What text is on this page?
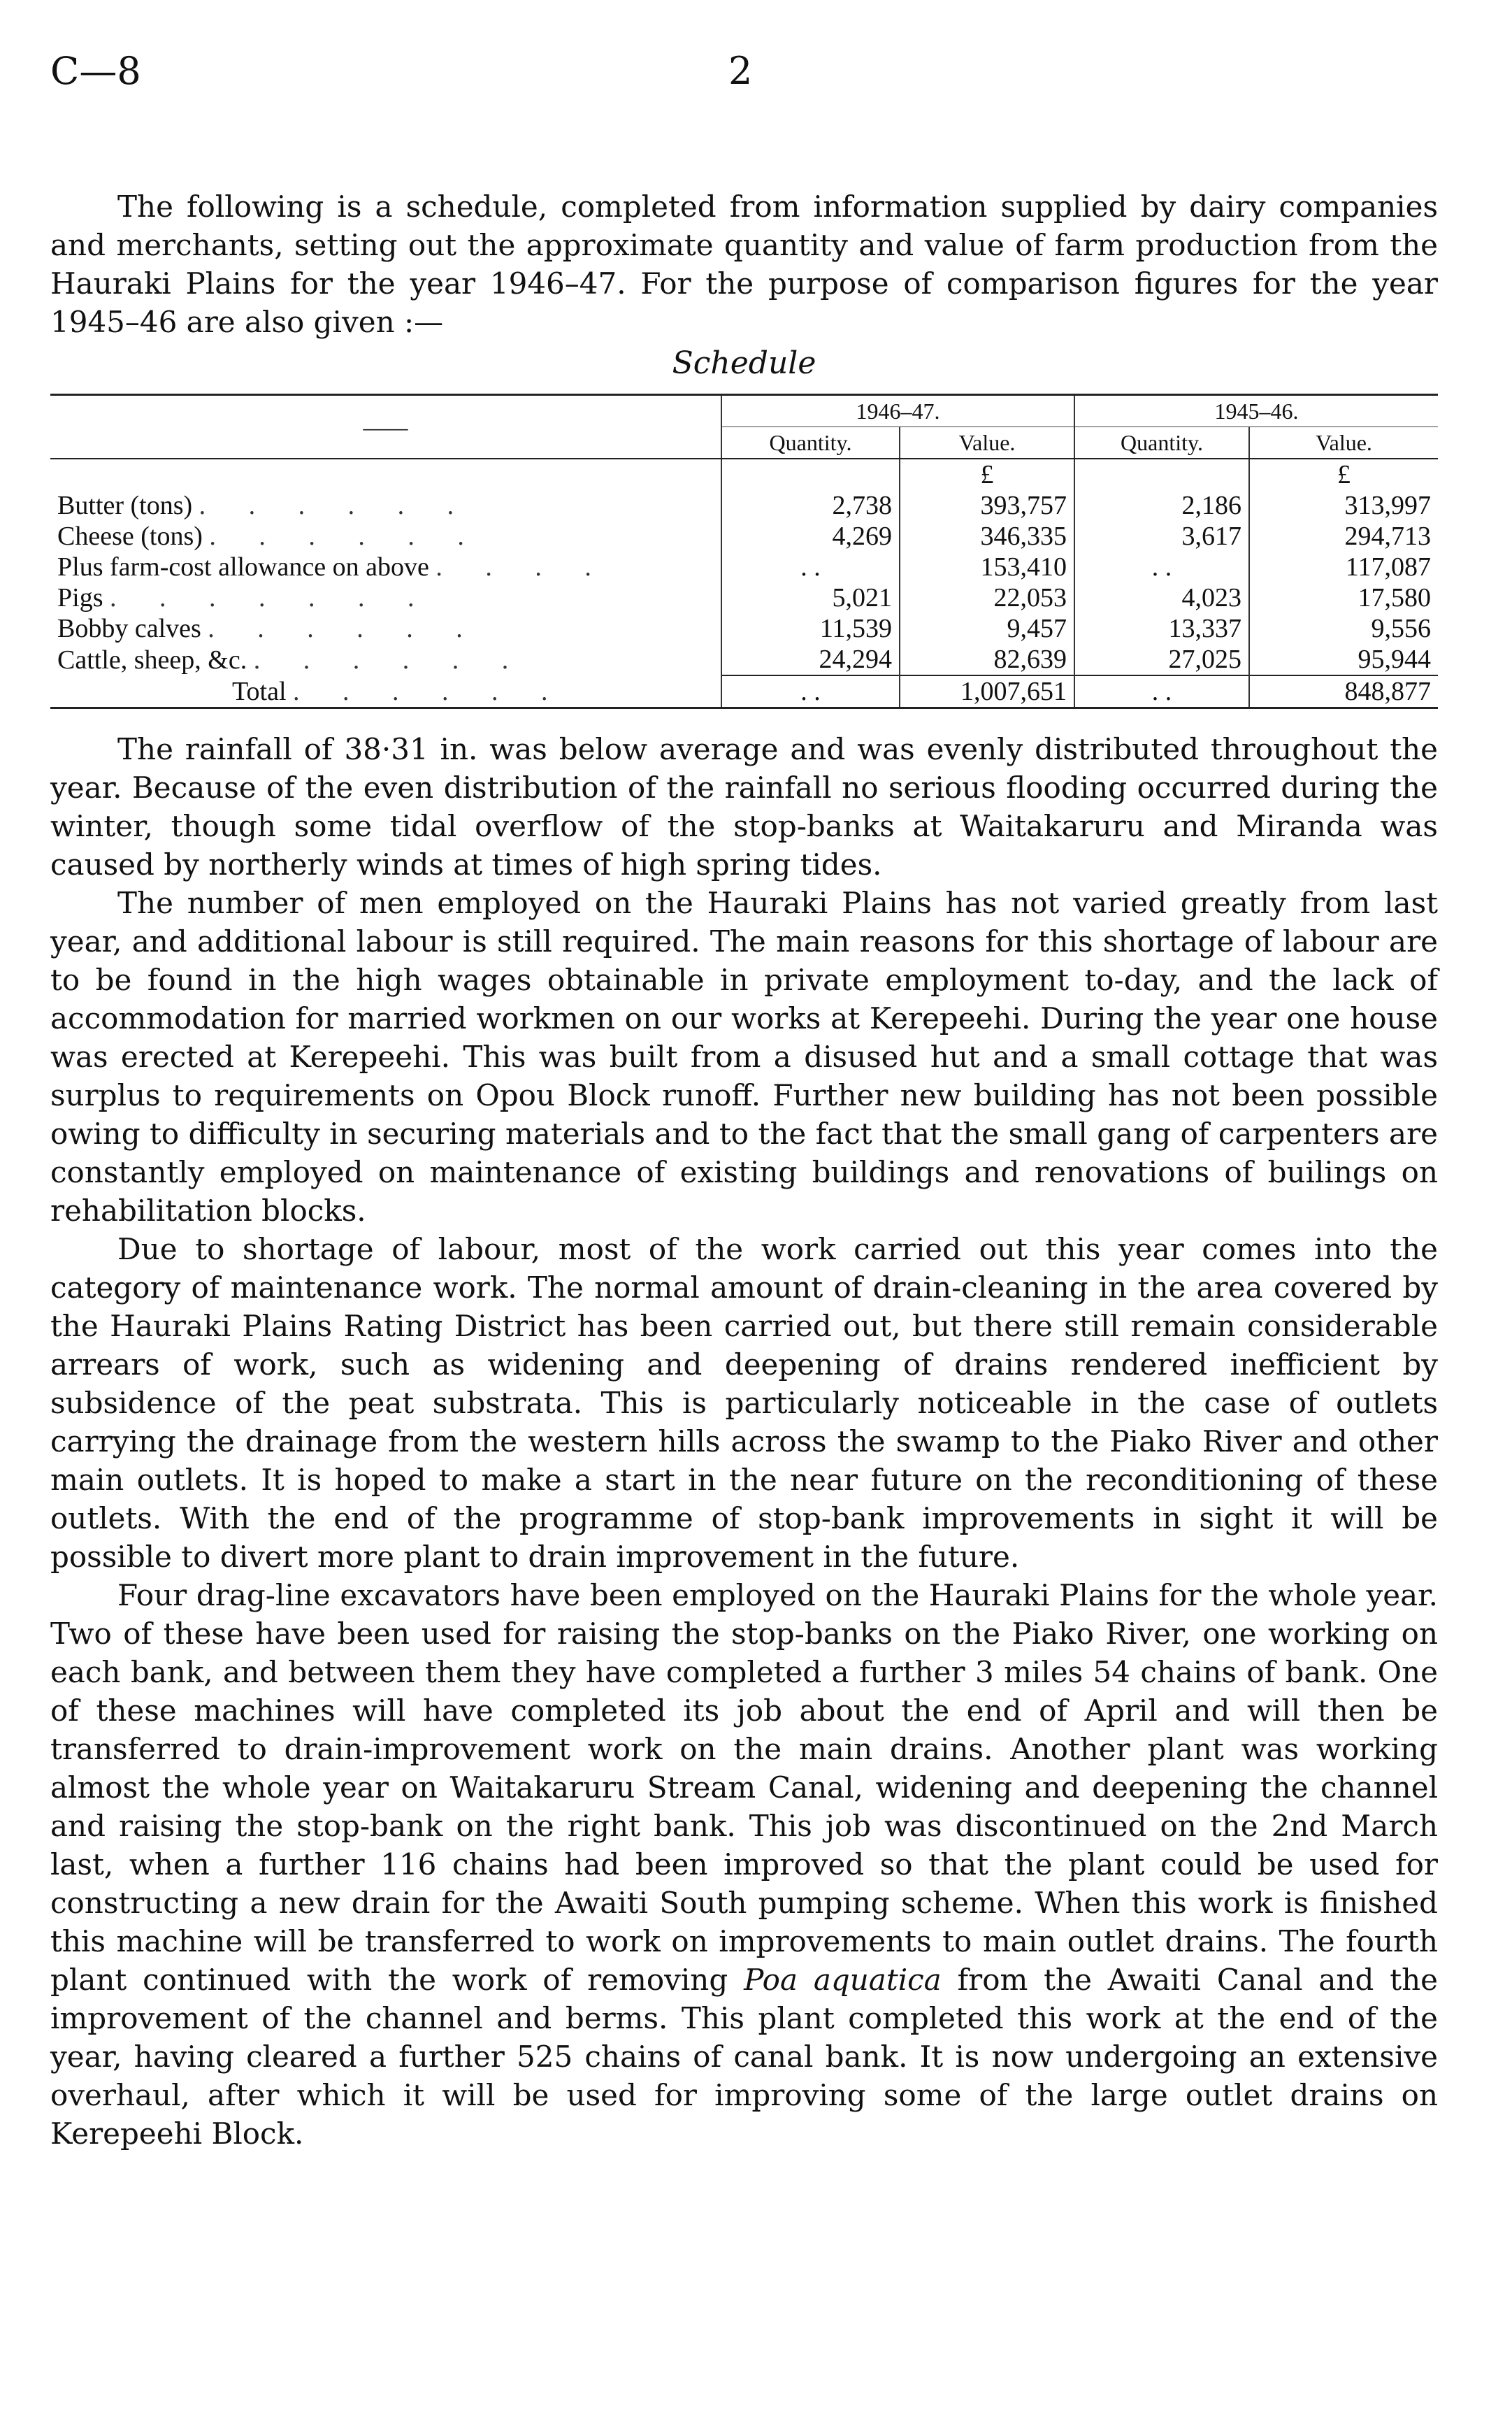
C—8	2

The following is a schedule, completed from information supplied by dairy companies and merchants, setting out the approximate quantity and value of farm production from the Hauraki Plains for the year 1946–47. For the purpose of comparison figures for the year 1945–46 are also given :—

Schedule
——	1946–47.		1945–46.	
	Quantity.	Value.	Quantity.	Value.
		£		£
Butter (tons) . . . . . .	2,738	393,757	2,186	313,997
Cheese (tons) . . . . . .	4,269	346,335	3,617	294,713
Plus farm-cost allowance on above . . . .	. .	153,410	. .	117,087
Pigs . . . . . . .	5,021	22,053	4,023	17,580
Bobby calves . . . . . .	11,539	9,457	13,337	9,556
Cattle, sheep, &c. . . . . . .	24,294	82,639	27,025	95,944
Total . . . . . .	. .	1,007,651	. .	848,877

The rainfall of 38·31 in. was below average and was evenly distributed throughout the year. Because of the even distribution of the rainfall no serious flooding occurred during the winter, though some tidal overflow of the stop-banks at Waitakaruru and Miranda was caused by northerly winds at times of high spring tides.

The number of men employed on the Hauraki Plains has not varied greatly from last year, and additional labour is still required. The main reasons for this shortage of labour are to be found in the high wages obtainable in private employment to-day, and the lack of accommodation for married workmen on our works at Kerepeehi. During the year one house was erected at Kerepeehi. This was built from a disused hut and a small cottage that was surplus to requirements on Opou Block runoff. Further new building has not been possible owing to difficulty in securing materials and to the fact that the small gang of carpenters are constantly employed on maintenance of existing buildings and renovations of builings on rehabilitation blocks.

Due to shortage of labour, most of the work carried out this year comes into the category of maintenance work. The normal amount of drain-cleaning in the area covered by the Hauraki Plains Rating District has been carried out, but there still remain considerable arrears of work, such as widening and deepening of drains rendered inefficient by subsidence of the peat substrata. This is particularly noticeable in the case of outlets carrying the drainage from the western hills across the swamp to the Piako River and other main outlets. It is hoped to make a start in the near future on the reconditioning of these outlets. With the end of the programme of stop-bank improvements in sight it will be possible to divert more plant to drain improvement in the future.

Four drag-line excavators have been employed on the Hauraki Plains for the whole year. Two of these have been used for raising the stop-banks on the Piako River, one working on each bank, and between them they have completed a further 3 miles 54 chains of bank. One of these machines will have completed its job about the end of April and will then be transferred to drain-improvement work on the main drains. Another plant was working almost the whole year on Waitakaruru Stream Canal, widening and deepening the channel and raising the stop-bank on the right bank. This job was discontinued on the 2nd March last, when a further 116 chains had been improved so that the plant could be used for constructing a new drain for the Awaiti South pumping scheme. When this work is finished this machine will be transferred to work on improvements to main outlet drains. The fourth plant continued with the work of removing Poa aquatica from the Awaiti Canal and the improvement of the channel and berms. This plant completed this work at the end of the year, having cleared a further 525 chains of canal bank. It is now undergoing an extensive overhaul, after which it will be used for improving some of the large outlet drains on Kerepeehi Block.
